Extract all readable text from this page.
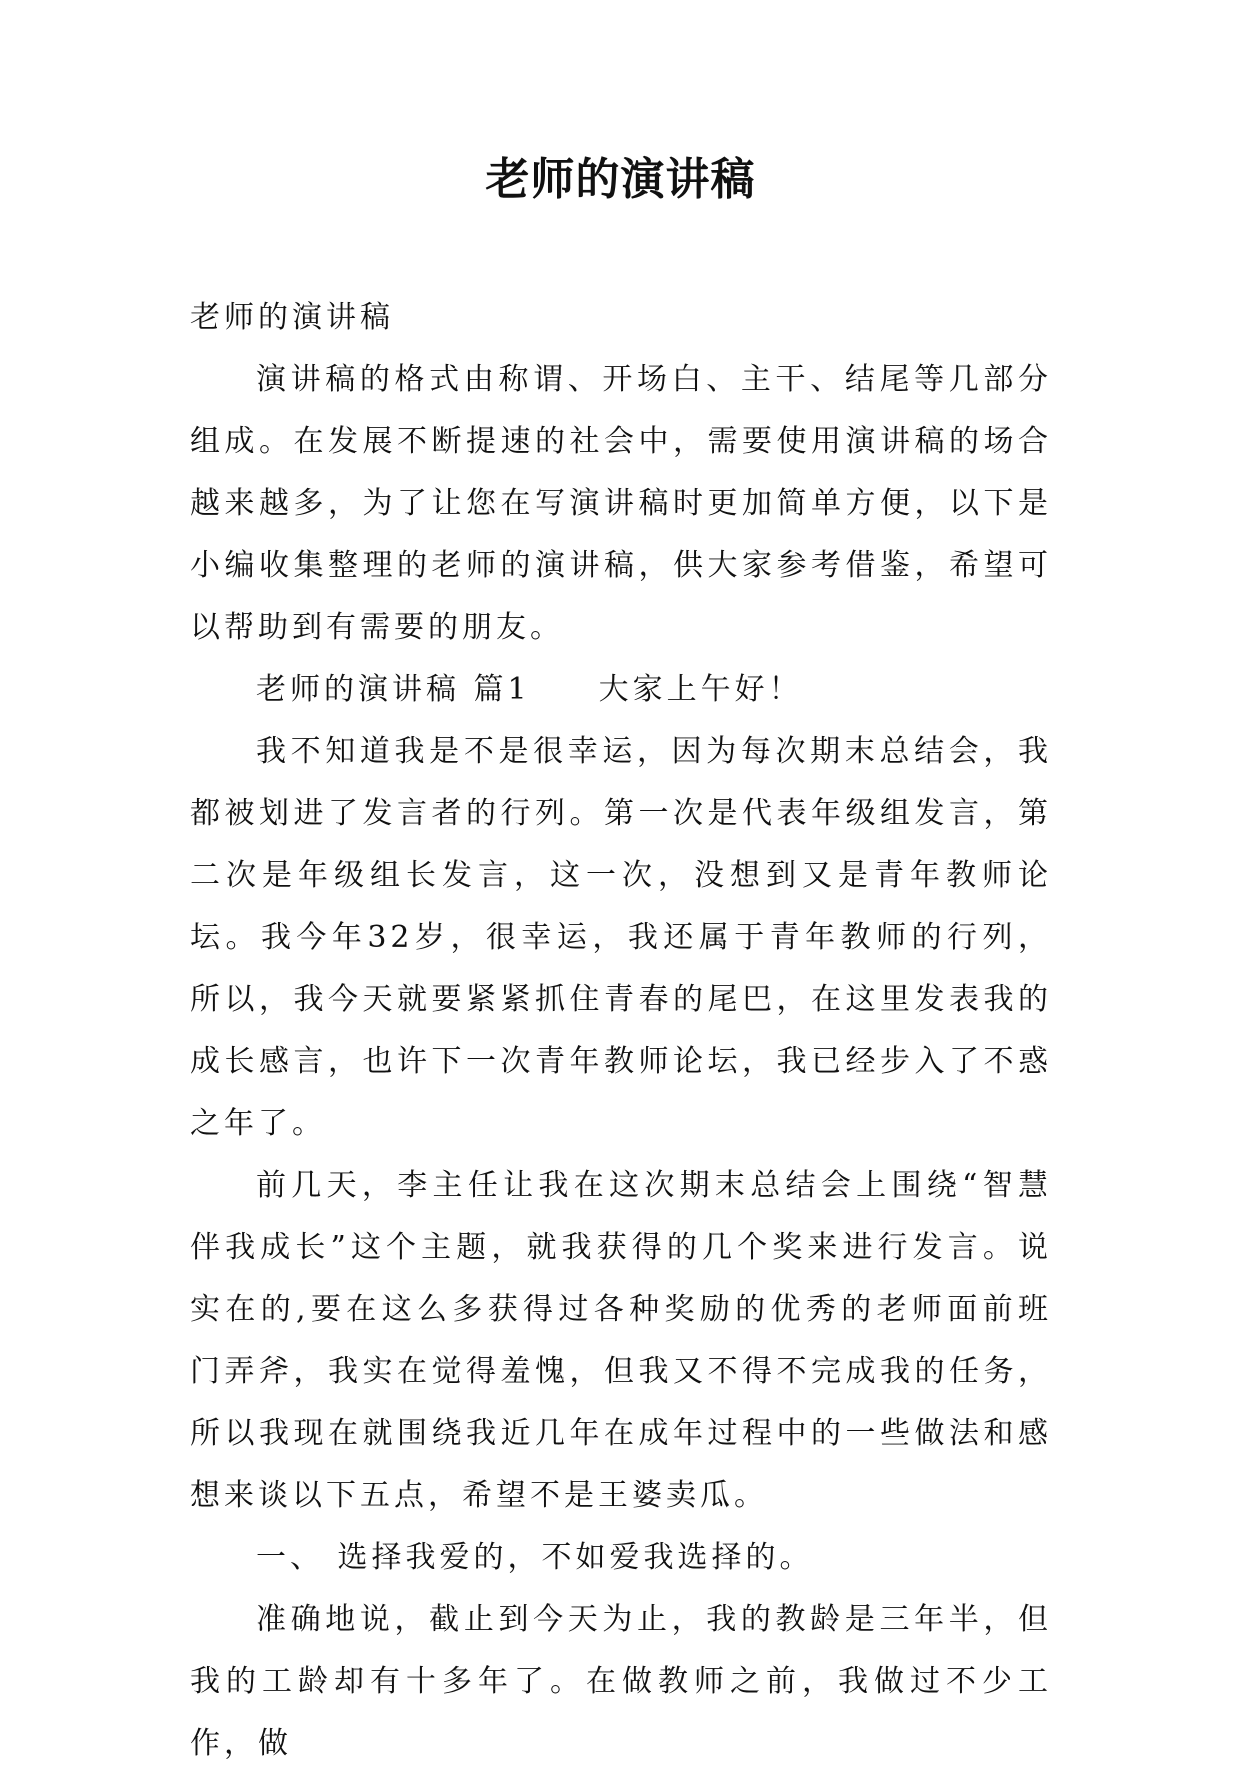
老师的演讲稿

老师的演讲稿

演讲稿的格式由称谓、开场白、主干、结尾等几部分组成。在发展不断提速的社会中，需要使用演讲稿的场合越来越多，为了让您在写演讲稿时更加简单方便，以下是小编收集整理的老师的演讲稿，供大家参考借鉴，希望可以帮助到有需要的朋友。

老师的演讲稿 篇1　　大家上午好！

我不知道我是不是很幸运，因为每次期末总结会，我都被划进了发言者的行列。第一次是代表年级组发言，第二次是年级组长发言，这一次，没想到又是青年教师论坛。我今年32岁，很幸运，我还属于青年教师的行列，所以，我今天就要紧紧抓住青春的尾巴，在这里发表我的成长感言，也许下一次青年教师论坛，我已经步入了不惑之年了。

前几天，李主任让我在这次期末总结会上围绕“智慧伴我成长”这个主题，就我获得的几个奖来进行发言。说实在的,要在这么多获得过各种奖励的优秀的老师面前班门弄斧，我实在觉得羞愧，但我又不得不完成我的任务，所以我现在就围绕我近几年在成年过程中的一些做法和感想来谈以下五点，希望不是王婆卖瓜。

一、 选择我爱的，不如爱我选择的。

准确地说，截止到今天为止，我的教龄是三年半，但我的工龄却有十多年了。在做教师之前，我做过不少工作，做
